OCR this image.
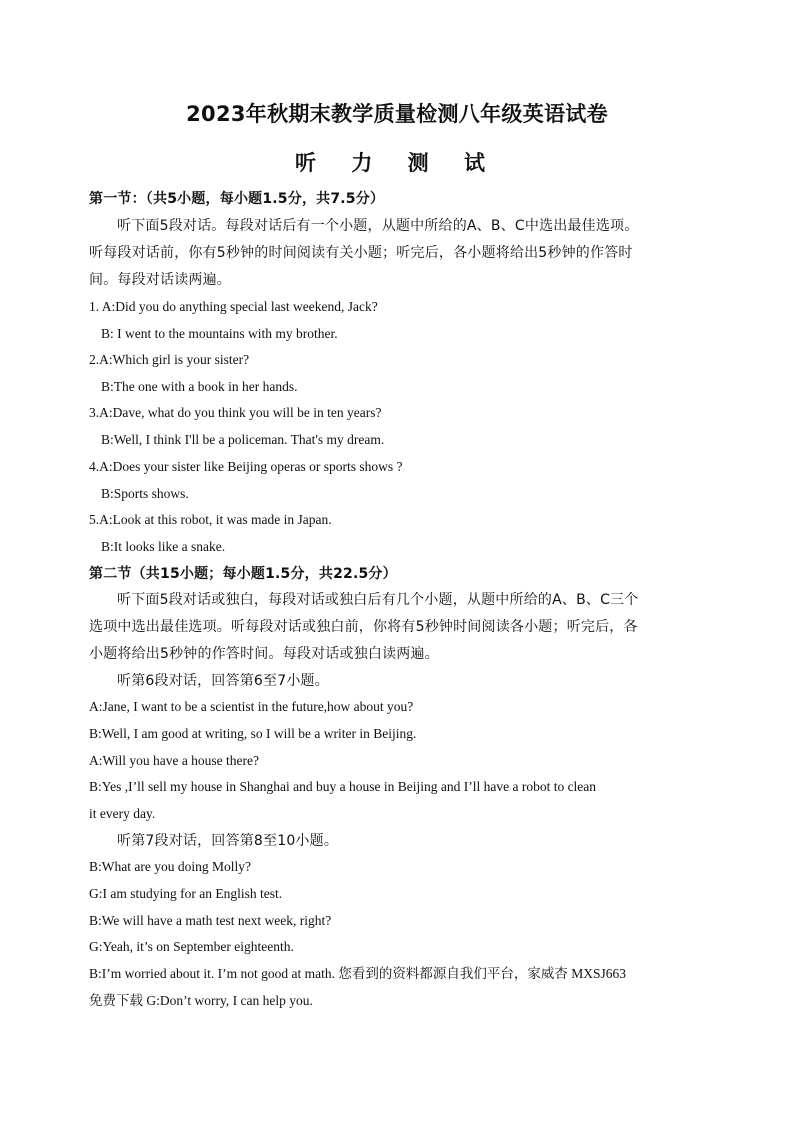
2023年秋期末教学质量检测八年级英语试卷
听 力 测 试
第一节：（共5小题，每小题1.5分，共7.5分）
听下面5段对话。每段对话后有一个小题，从题中所给的A、B、C中选出最佳选项。
听每段对话前，你有5秒钟的时间阅读有关小题；听完后，各小题将给出5秒钟的作答时
间。每段对话读两遍。
1. A:Did you do anything special last weekend, Jack?
B: I went to the mountains with my brother.
2.A:Which girl is your sister?
B:The one with a book in her hands.
3.A:Dave, what do you think you will be in ten years?
B:Well, I think I'll be a policeman. That's my dream.
4.A:Does your sister like Beijing operas or sports shows ?
B:Sports shows.
5.A:Look at this robot, it was made in Japan.
B:It looks like a snake.
第二节（共15小题；每小题1.5分，共22.5分）
听下面5段对话或独白，每段对话或独白后有几个小题，从题中所给的A、B、C三个
选项中选出最佳选项。听每段对话或独白前，你将有5秒钟时间阅读各小题；听完后，各
小题将给出5秒钟的作答时间。每段对话或独白读两遍。
听第6段对话，回答第6至7小题。
A:Jane, I want to be a scientist in the future,how about you?
B:Well, I am good at writing, so I will be a writer in Beijing.
A:Will you have a house there?
B:Yes ,I’ll sell my house in Shanghai and buy a house in Beijing and I’ll have a robot to clean
it every day.
听第7段对话，回答第8至10小题。
B:What are you doing Molly?
G:I am studying for an English test.
B:We will have a math test next week, right?
G:Yeah, it’s on September eighteenth.
B:I’m worried about it. I’m not good at math. 您看到的资料都源自我们平台，家威杏 MXSJ663
免费下载 G:Don’t worry, I can help you.
